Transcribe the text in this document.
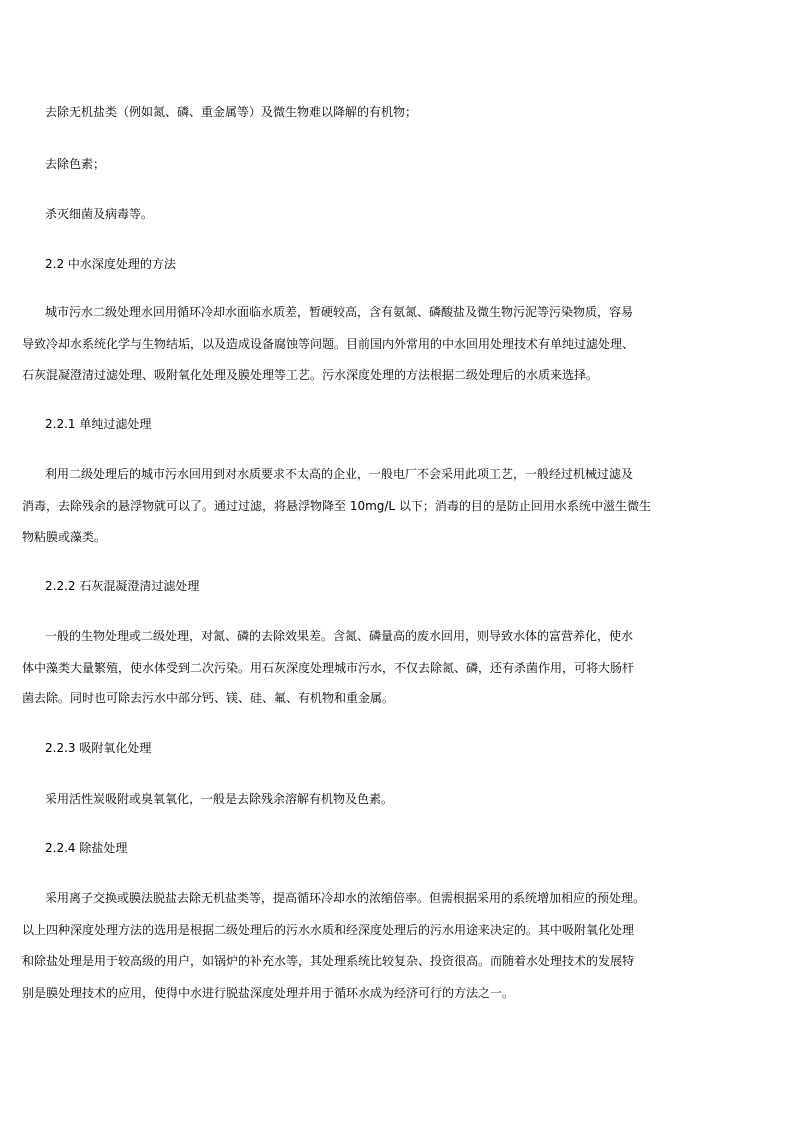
去除无机盐类（例如氮、磷、重金属等）及微生物难以降解的有机物；
去除色素；
杀灭细菌及病毒等。
2.2 中水深度处理的方法
城市污水二级处理水回用循环冷却水面临水质差，暂硬较高，含有氨氮、磷酸盐及微生物污泥等污染物质，容易
导致冷却水系统化学与生物结垢，以及造成设备腐蚀等问题。目前国内外常用的中水回用处理技术有单纯过滤处理、
石灰混凝澄清过滤处理、吸附氧化处理及膜处理等工艺。污水深度处理的方法根据二级处理后的水质来选择。
2.2.1 单纯过滤处理
利用二级处理后的城市污水回用到对水质要求不太高的企业，一般电厂不会采用此项工艺，一般经过机械过滤及
消毒，去除残余的悬浮物就可以了。通过过滤，将悬浮物降至 10mg/L 以下；消毒的目的是防止回用水系统中滋生微生
物粘膜或藻类。
2.2.2 石灰混凝澄清过滤处理
一般的生物处理或二级处理，对氮、磷的去除效果差。含氮、磷量高的废水回用，则导致水体的富营养化，使水
体中藻类大量繁殖，使水体受到二次污染。用石灰深度处理城市污水，不仅去除氮、磷，还有杀菌作用，可将大肠杆
菌去除。同时也可除去污水中部分钙、镁、硅、氟、有机物和重金属。
2.2.3 吸附氧化处理
采用活性炭吸附或臭氧氧化，一般是去除残余溶解有机物及色素。
2.2.4 除盐处理
采用离子交换或膜法脱盐去除无机盐类等，提高循环冷却水的浓缩倍率。但需根据采用的系统增加相应的预处理。
以上四种深度处理方法的选用是根据二级处理后的污水水质和经深度处理后的污水用途来决定的。其中吸附氧化处理
和除盐处理是用于较高级的用户，如锅炉的补充水等，其处理系统比较复杂、投资很高。而随着水处理技术的发展特
别是膜处理技术的应用，使得中水进行脱盐深度处理并用于循环水成为经济可行的方法之一。
